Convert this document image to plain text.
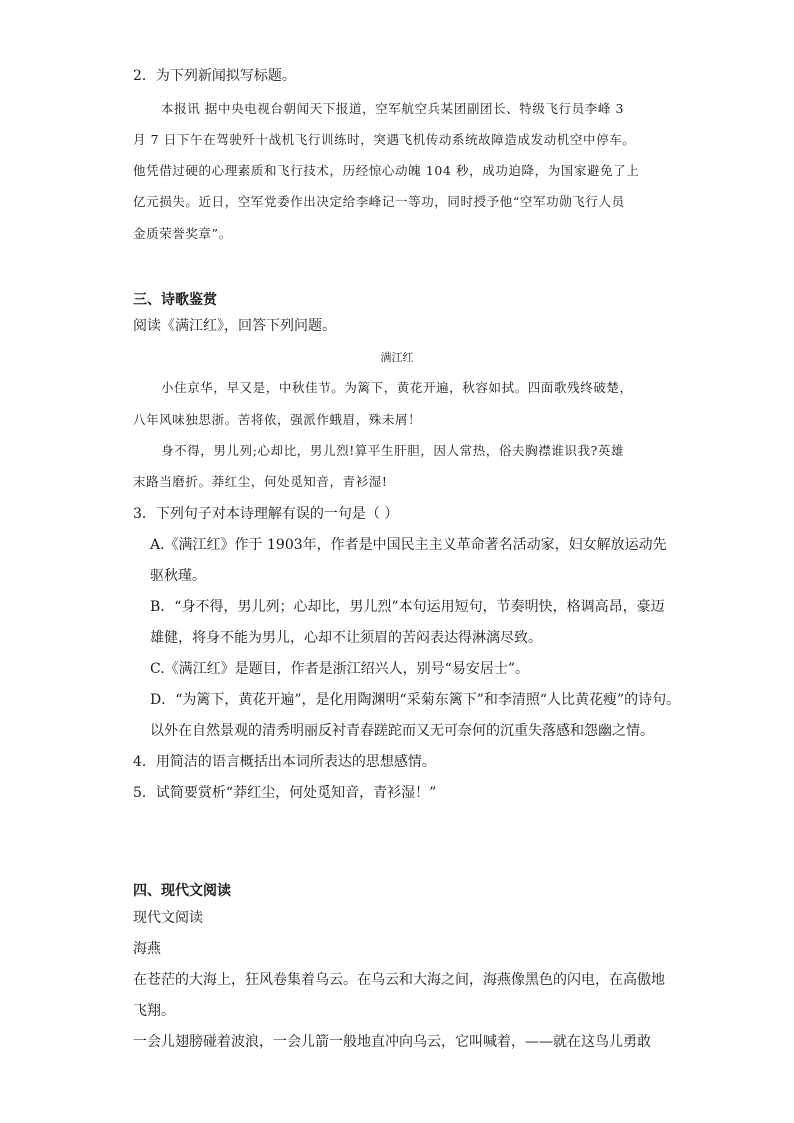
2．为下列新闻拟写标题。
本报讯 据中央电视台朝闻天下报道，空军航空兵某团副团长、特级飞行员李峰 3
月 7 日下午在驾驶歼十战机飞行训练时，突遇飞机传动系统故障造成发动机空中停车。
他凭借过硬的心理素质和飞行技术，历经惊心动魄 104 秒，成功迫降，为国家避免了上
亿元损失。近日，空军党委作出决定给李峰记一等功，同时授予他“空军功勋飞行人员
金质荣誉奖章”。
三、诗歌鉴赏
阅读《满江红》，回答下列问题。
满江红
小住京华，早又是，中秋佳节。为篱下，黄花开遍，秋容如拭。四面歌残终破楚，
八年风味独思浙。苦将侬，强派作蛾眉，殊未屑！
身不得，男儿列;心却比，男儿烈!算平生肝胆，因人常热，俗夫胸襟谁识我?英雄
末路当磨折。莽红尘，何处觅知音，青衫湿!
3．下列句子对本诗理解有误的一句是（ ）
A.《满江红》作于 1903年，作者是中国民主主义革命著名活动家，妇女解放运动先
驱秋瑾。
B．“身不得，男儿列；心却比，男儿烈”本句运用短句，节奏明快，格调高昂，豪迈
雄健，将身不能为男儿，心却不让须眉的苦闷表达得淋漓尽致。
C.《满江红》是题目，作者是浙江绍兴人，别号“易安居士”。
D．“为篱下，黄花开遍”，是化用陶渊明“采菊东篱下”和李清照“人比黄花瘦”的诗句。
以外在自然景观的清秀明丽反衬青春蹉跎而又无可奈何的沉重失落感和怨幽之情。
4．用简洁的语言概括出本词所表达的思想感情。
5．试简要赏析“莽红尘，何处觅知音，青衫湿！”
四、现代文阅读
现代文阅读
海燕
在苍茫的大海上，狂风卷集着乌云。在乌云和大海之间，海燕像黑色的闪电，在高傲地
飞翔。
一会儿翅膀碰着波浪，一会儿箭一般地直冲向乌云，它叫喊着，——就在这鸟儿勇敢
